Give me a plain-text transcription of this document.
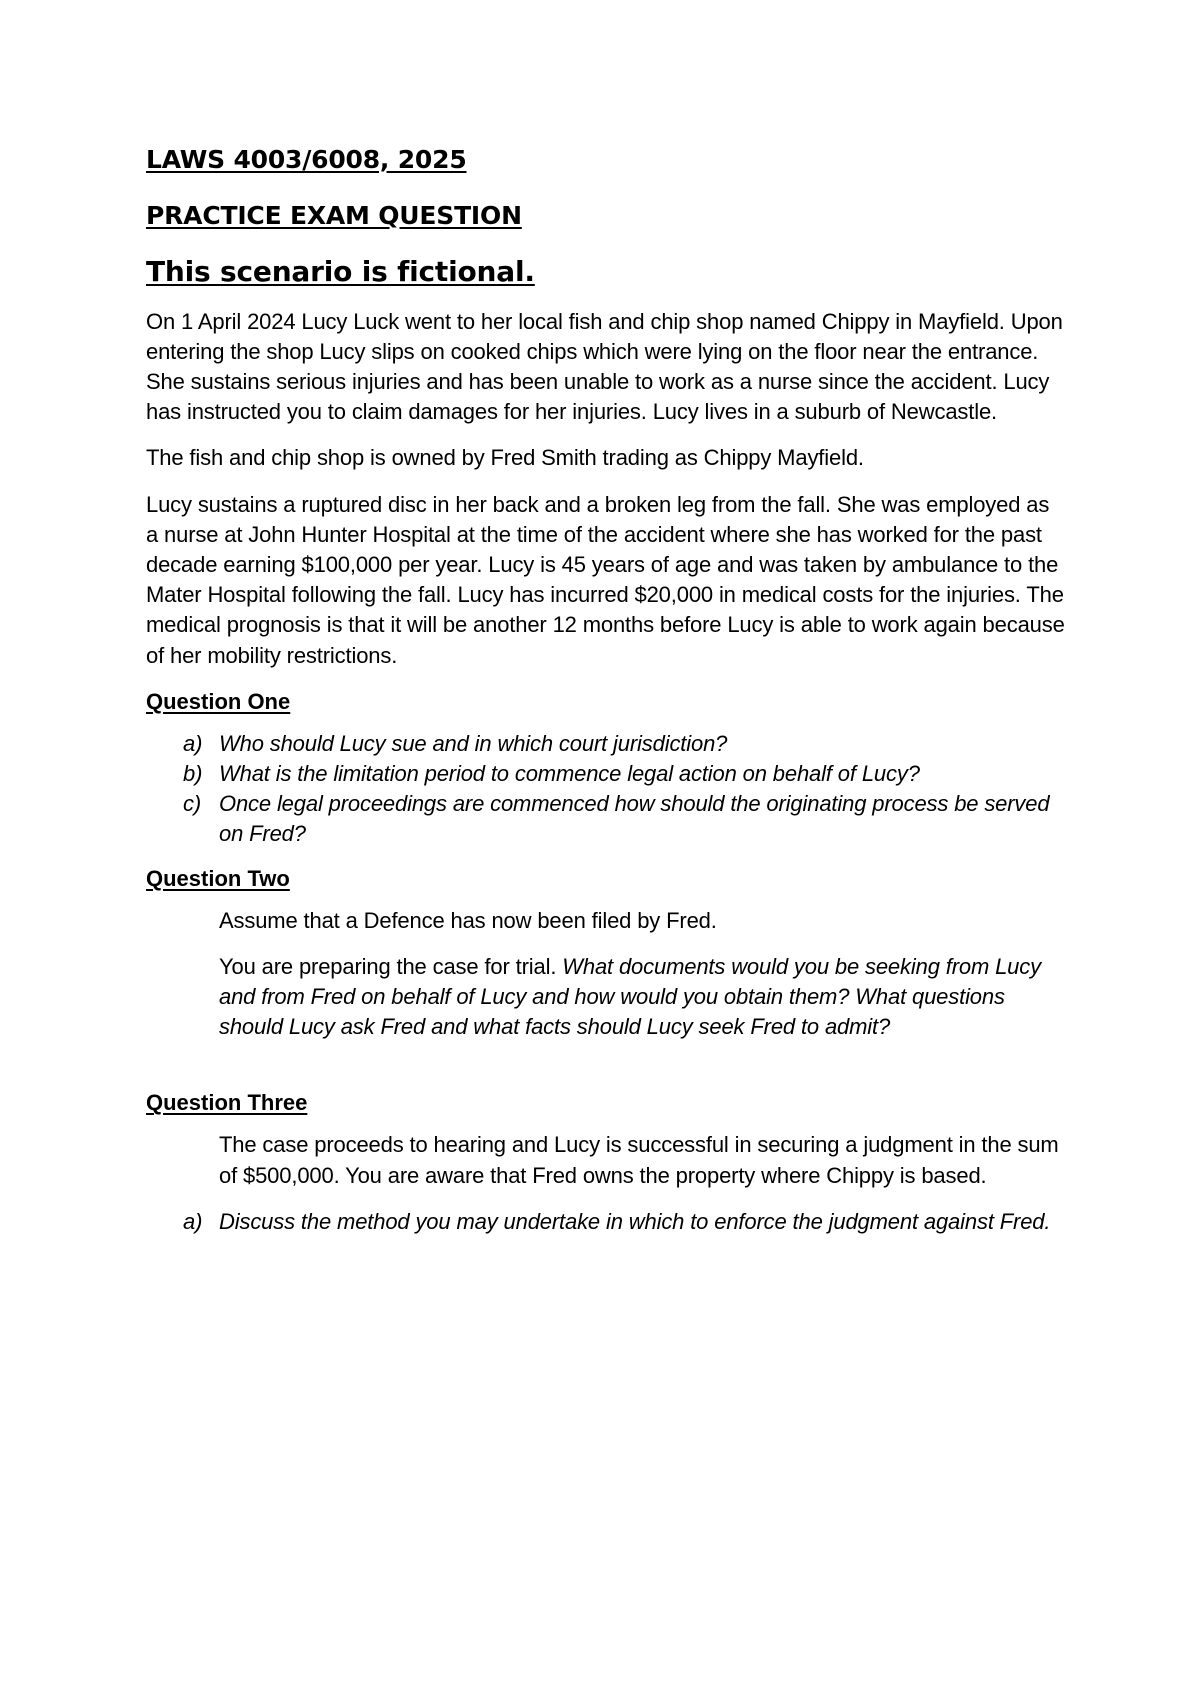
LAWS 4003/6008, 2025
PRACTICE EXAM QUESTION
This scenario is fictional.

On 1 April 2024 Lucy Luck went to her local fish and chip shop named Chippy in Mayfield. Upon entering the shop Lucy slips on cooked chips which were lying on the floor near the entrance. She sustains serious injuries and has been unable to work as a nurse since the accident. Lucy has instructed you to claim damages for her injuries. Lucy lives in a suburb of Newcastle.

The fish and chip shop is owned by Fred Smith trading as Chippy Mayfield.

Lucy sustains a ruptured disc in her back and a broken leg from the fall. She was employed as a nurse at John Hunter Hospital at the time of the accident where she has worked for the past decade earning $100,000 per year. Lucy is 45 years of age and was taken by ambulance to the Mater Hospital following the fall. Lucy has incurred $20,000 in medical costs for the injuries. The medical prognosis is that it will be another 12 months before Lucy is able to work again because of her mobility restrictions.

Question One
a) Who should Lucy sue and in which court jurisdiction?
b) What is the limitation period to commence legal action on behalf of Lucy?
c) Once legal proceedings are commenced how should the originating process be served on Fred?
Question Two

Assume that a Defence has now been filed by Fred.

You are preparing the case for trial. What documents would you be seeking from Lucy and from Fred on behalf of Lucy and how would you obtain them? What questions should Lucy ask Fred and what facts should Lucy seek Fred to admit?

Question Three

The case proceeds to hearing and Lucy is successful in securing a judgment in the sum of $500,000. You are aware that Fred owns the property where Chippy is based.

a) Discuss the method you may undertake in which to enforce the judgment against Fred.
